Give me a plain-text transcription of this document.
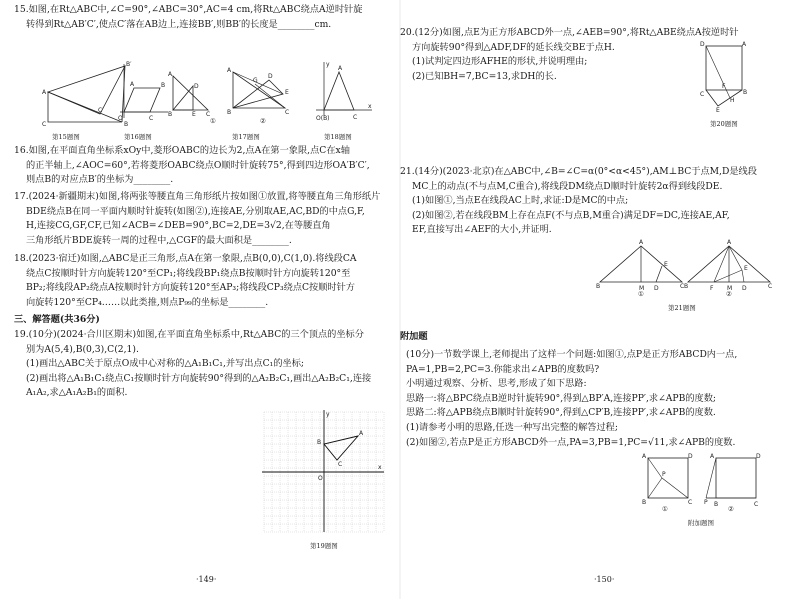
15.如图,在Rt△ABC中,∠C=90°,∠ABC=30°,AC=4 cm,将Rt△ABC绕点A逆时针旋
转得到Rt△AB′C′,使点C′落在AB边上,连接BB′,则BB′的长度是________cm.
A
B
C
B′
C′
O	C
B
A
A
B	C
D
E
A
B	C
D
E
G
①	②
A
O(B)	C
x
y
第15题图	第16题图	第17题图	第18题图
16.如图,在平面直角坐标系xOy中,菱形OABC的边长为2,点A在第一象限,点C在x轴
的正半轴上,∠AOC=60°,若将菱形OABC绕点O顺时针旋转75°,得到四边形OA′B′C′,
则点B的对应点B′的坐标为________.
17.(2024·新疆期末)如图,将两张等腰直角三角形纸片按如图①放置,将等腰直角三角形纸片
BDE绕点B在同一平面内顺时针旋转(如图②),连接AE,分别取AE,AC,BD的中点G,F,
H,连接CG,GF,CF,已知∠ACB=∠DEB=90°,BC=2,DE=3√2,在等腰直角
三角形纸片BDE旋转一周的过程中,△CGF的最大面积是________.
18.(2023·宿迁)如图,△ABC是正三角形,点A在第一象限,点B(0,0),C(1,0).将线段CA
绕点C按顺时针方向旋转120°至CP₁;将线段BP₁绕点B按顺时针方向旋转120°至
BP₂;将线段AP₂绕点A按顺时针方向旋转120°至AP₃;将线段CP₃绕点C按顺时针方
向旋转120°至CP₄……以此类推,则点P₉₉的坐标是________.
三、解答题(共36分)
19.(10分)(2024·合川区期末)如图,在平面直角坐标系中,Rt△ABC的三个顶点的坐标分
别为A(5,4),B(0,3),C(2,1).
(1)画出△ABC关于原点O成中心对称的△A₁B₁C₁,并写出点C₁的坐标;
(2)画出将△A₁B₁C₁绕点C₁按顺时针方向旋转90°得到的△A₂B₂C₁,画出△A₂B₂C₁,连接
A₁A₂,求△A₁A₂B₁的面积.
A
B
C
y
x
O
第19题图
·149·
20.(12分)如图,点E为正方形ABCD外一点,∠AEB=90°,将Rt△ABE绕点A按逆时针
方向旋转90°得到△ADF,DF的延长线交BE于点H.
(1)试判定四边形AFHE的形状,并说明理由;
(2)已知BH=7,BC=13,求DH的长.
D	A
C	B
E
F
H
第20题图
21.(14分)(2023·北京)在△ABC中,∠B=∠C=α(0°<α<45°),AM⊥BC于点M,D是线段
MC上的动点(不与点M,C重合),将线段DM绕点D顺时针旋转2α得到线段DE.
(1)如图①,当点E在线段AC上时,求证:D是MC的中点;
(2)如图②,若在线段BM上存在点F(不与点B,M重合)满足DF=DC,连接AE,AF,
EF,直接写出∠AEF的大小,并证明.
A
B	C
M D
E
A
B	C
F M D
E
①	②
第21题图
附加题
(10分)一节数学课上,老师提出了这样一个问题:如图①,点P是正方形ABCD内一点,
PA=1,PB=2,PC=3.你能求出∠APB的度数吗?
小明通过观察、分析、思考,形成了如下思路:
思路一:将△BPC绕点B逆时针旋转90°,得到△BP′A,连接PP′,求∠APB的度数;
思路二:将△APB绕点B顺时针旋转90°,得到△CP′B,连接PP′,求∠APB的度数.
(1)请参考小明的思路,任选一种写出完整的解答过程;
(2)如图②,若点P是正方形ABCD外一点,PA=3,PB=1,PC=√11,求∠APB的度数.
A	D
B	C
P
A	D
P B	C
①	②
附加题图
·150·
